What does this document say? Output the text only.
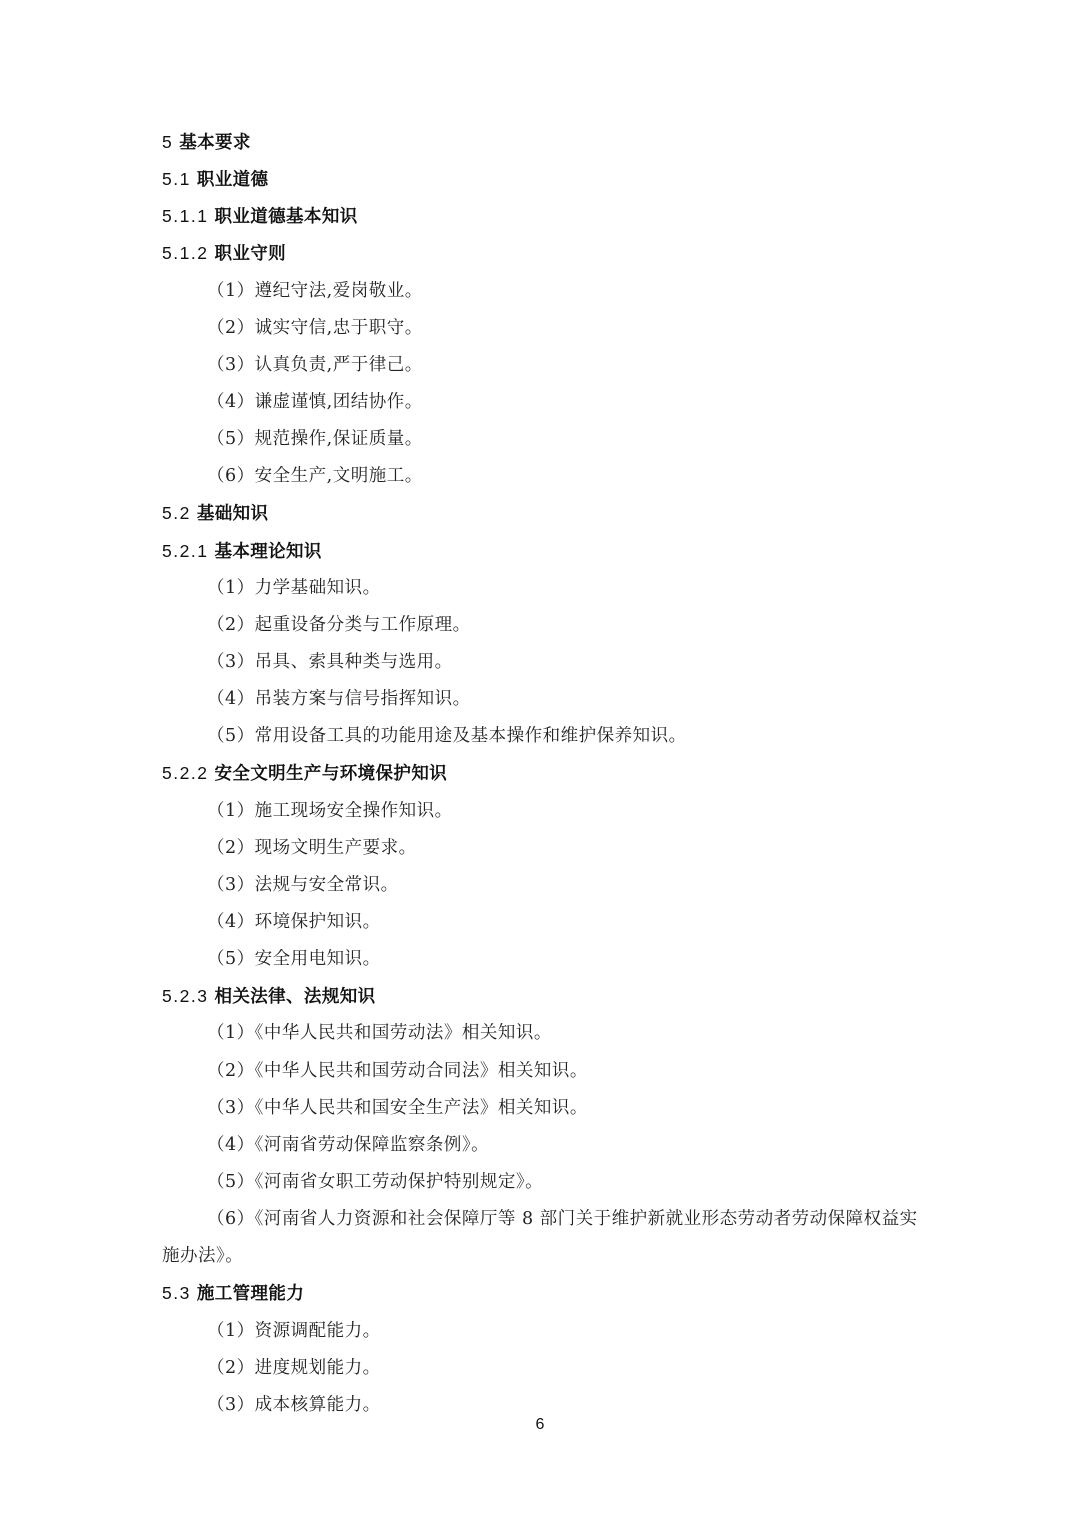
5 基本要求
5.1 职业道德
5.1.1 职业道德基本知识
5.1.2 职业守则
（1）遵纪守法,爱岗敬业。
（2）诚实守信,忠于职守。
（3）认真负责,严于律己。
（4）谦虚谨慎,团结协作。
（5）规范操作,保证质量。
（6）安全生产,文明施工。
5.2 基础知识
5.2.1 基本理论知识
（1）力学基础知识。
（2）起重设备分类与工作原理。
（3）吊具、索具种类与选用。
（4）吊装方案与信号指挥知识。
（5）常用设备工具的功能用途及基本操作和维护保养知识。
5.2.2 安全文明生产与环境保护知识
（1）施工现场安全操作知识。
（2）现场文明生产要求。
（3）法规与安全常识。
（4）环境保护知识。
（5）安全用电知识。
5.2.3 相关法律、法规知识
（1）《中华人民共和国劳动法》相关知识。
（2）《中华人民共和国劳动合同法》相关知识。
（3）《中华人民共和国安全生产法》相关知识。
（4）《河南省劳动保障监察条例》。
（5）《河南省女职工劳动保护特别规定》。
（6）《河南省人力资源和社会保障厅等 8 部门关于维护新就业形态劳动者劳动保障权益实施办法》。
5.3 施工管理能力
（1）资源调配能力。
（2）进度规划能力。
（3）成本核算能力。
6
